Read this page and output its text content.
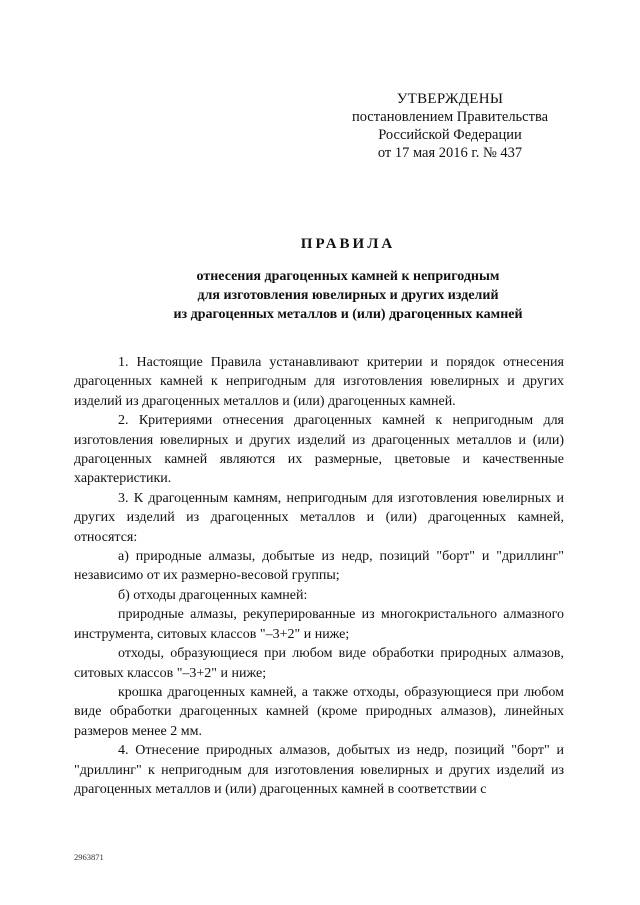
УТВЕРЖДЕНЫ
постановлением Правительства
Российской Федерации
от 17 мая 2016 г. № 437
ПРАВИЛА
отнесения драгоценных камней к непригодным
для изготовления ювелирных и других изделий
из драгоценных металлов и (или) драгоценных камней

1. Настоящие Правила устанавливают критерии и порядок отнесения драгоценных камней к непригодным для изготовления ювелирных и других изделий из драгоценных металлов и (или) драгоценных камней.

2. Критериями отнесения драгоценных камней к непригодным для изготовления ювелирных и других изделий из драгоценных металлов и (или) драгоценных камней являются их размерные, цветовые и качественные характеристики.

3. К драгоценным камням, непригодным для изготовления ювелирных и других изделий из драгоценных металлов и (или) драгоценных камней, относятся:

а) природные алмазы, добытые из недр, позиций "борт" и "дриллинг" независимо от их размерно-весовой группы;

б) отходы драгоценных камней:

природные алмазы, рекуперированные из многокристального алмазного инструмента, ситовых классов "–3+2" и ниже;

отходы, образующиеся при любом виде обработки природных алмазов, ситовых классов "–3+2" и ниже;

крошка драгоценных камней, а также отходы, образующиеся при любом виде обработки драгоценных камней (кроме природных алмазов), линейных размеров менее 2 мм.

4. Отнесение природных алмазов, добытых из недр, позиций "борт" и "дриллинг" к непригодным для изготовления ювелирных и других изделий из драгоценных металлов и (или) драгоценных камней в соответствии с

2963871
